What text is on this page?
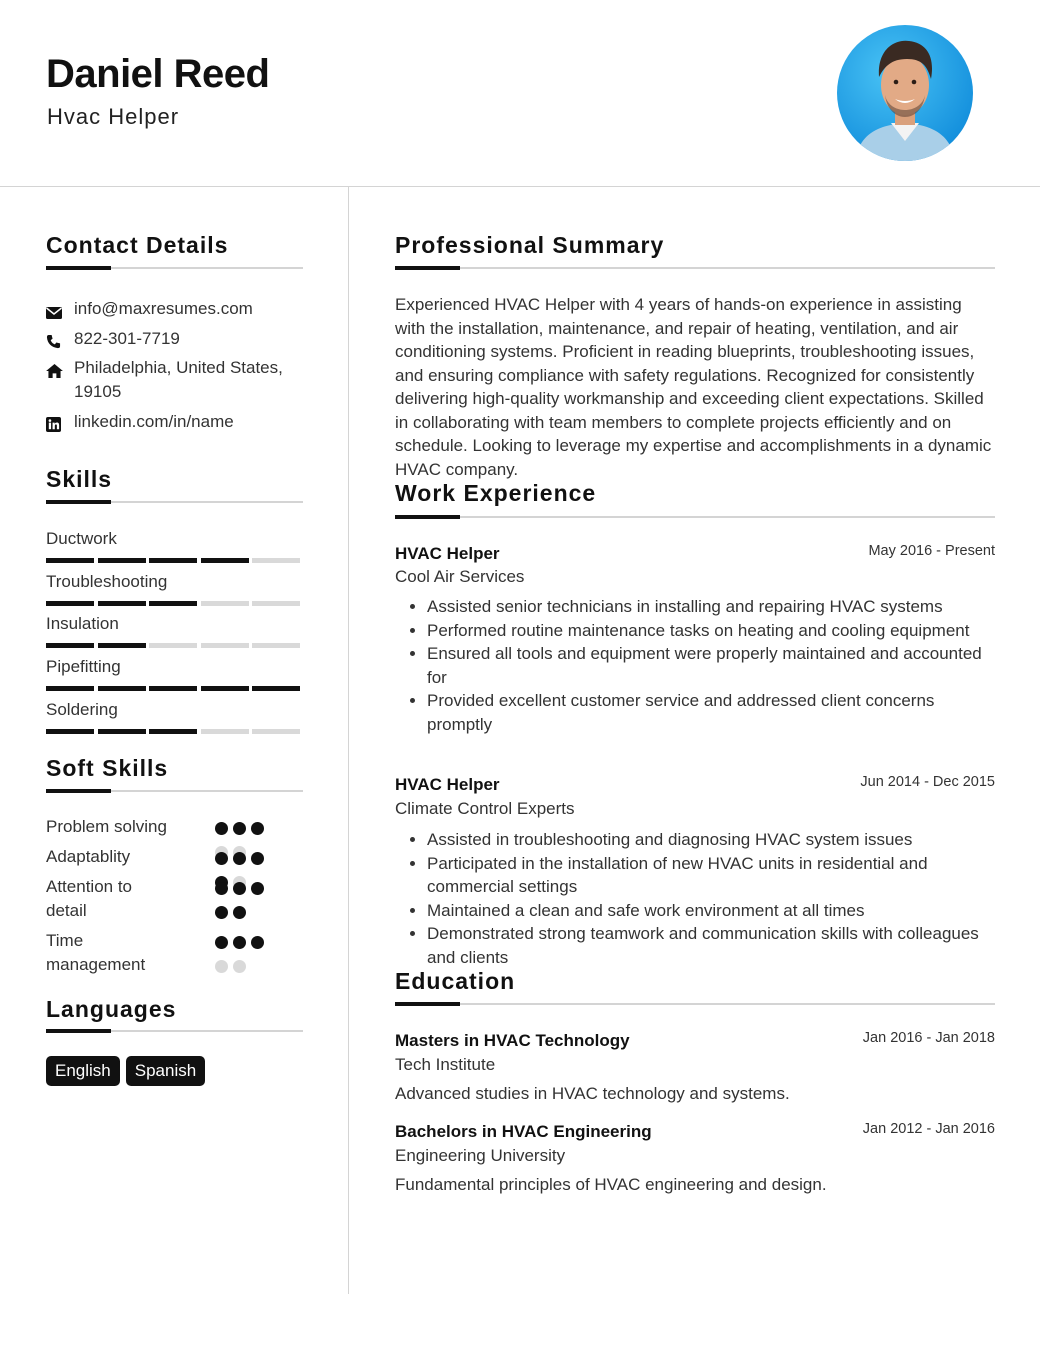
Daniel Reed
Hvac Helper
Contact Details
info@maxresumes.com
822-301-7719
Philadelphia, United States, 19105
linkedin.com/in/name
Skills
Ductwork
Troubleshooting
Insulation
Pipefitting
Soldering
Soft Skills
Problem solving
Adaptablity
Attention to detail
Time management
Languages
English	Spanish
Professional Summary
Experienced HVAC Helper with 4 years of hands-on experience in assisting with the installation, maintenance, and repair of heating, ventilation, and air conditioning systems. Proficient in reading blueprints, troubleshooting issues, and ensuring compliance with safety regulations. Recognized for consistently delivering high-quality workmanship and exceeding client expectations. Skilled in collaborating with team members to complete projects efficiently and on schedule. Looking to leverage my expertise and accomplishments in a dynamic HVAC company.
Work Experience
HVAC Helper	May 2016 - Present
Cool Air Services
• Assisted senior technicians in installing and repairing HVAC systems
• Performed routine maintenance tasks on heating and cooling equipment
• Ensured all tools and equipment were properly maintained and accounted for
• Provided excellent customer service and addressed client concerns promptly
HVAC Helper	Jun 2014 - Dec 2015
Climate Control Experts
• Assisted in troubleshooting and diagnosing HVAC system issues
• Participated in the installation of new HVAC units in residential and commercial settings
• Maintained a clean and safe work environment at all times
• Demonstrated strong teamwork and communication skills with colleagues and clients
Education
Masters in HVAC Technology	Jan 2016 - Jan 2018
Tech Institute
Advanced studies in HVAC technology and systems.
Bachelors in HVAC Engineering	Jan 2012 - Jan 2016
Engineering University
Fundamental principles of HVAC engineering and design.
